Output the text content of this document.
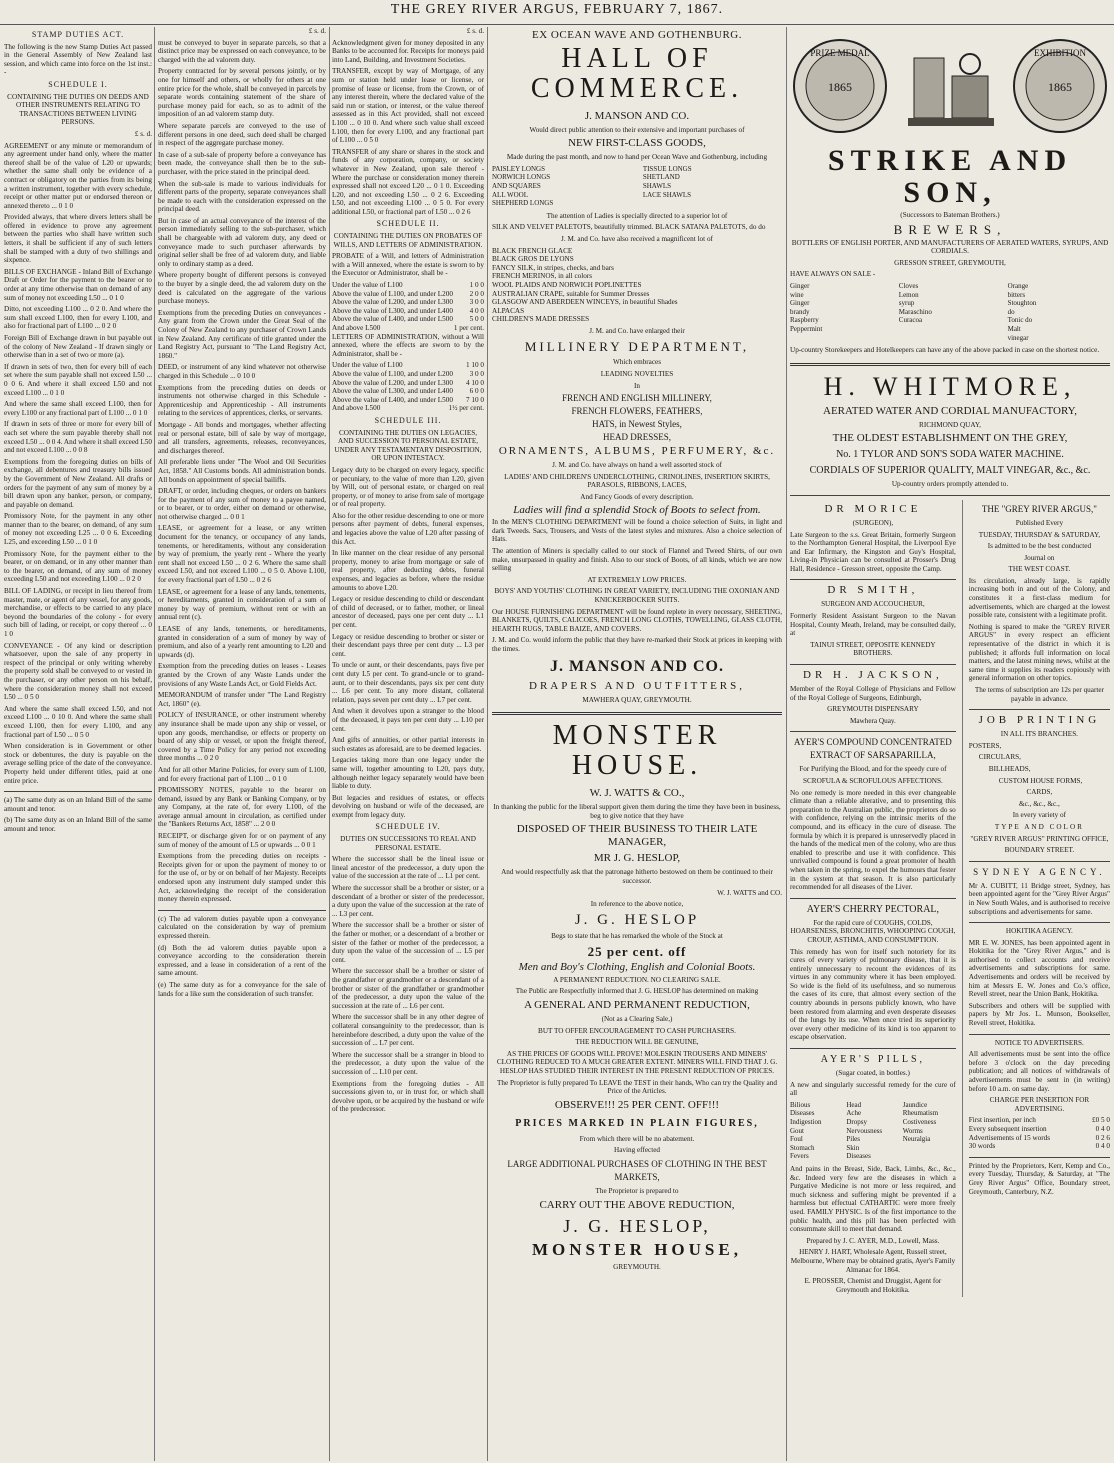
THE GREY RIVER ARGUS, FEBRUARY 7, 1867.
STAMP DUTIES ACT.

The following is the new Stamp Duties Act passed in the General Assembly of New Zealand last session, and which came into force on the 1st inst.: -

SCHEDULE I.

CONTAINING THE DUTIES ON DEEDS AND OTHER INSTRUMENTS RELATING TO TRANSACTIONS BETWEEN LIVING PERSONS.

£ s. d.

AGREEMENT or any minute or memorandum of any agreement under hand only, where the matter thereof shall be of the value of L20 or upwards; whether the same shall only be evidence of a contract or obligatory on the parties from its being a written instrument, together with every schedule, receipt or other matter put or endorsed thereon or annexed thereto ... 0 1 0

Provided always, that where divers letters shall be offered in evidence to prove any agreement between the parties who shall have written such letters, it shall be sufficient if any of such letters shall be stamped with a duty of two shillings and sixpence.

BILLS OF EXCHANGE - Inland Bill of Exchange Draft or Order for the payment to the bearer or to order at any time otherwise than on demand of any sum of money not exceeding L50 ... 0 1 0

Ditto, not exceeding L100 ... 0 2 0. And where the sum shall exceed L100, then for every L100, and also for fractional part of L100 ... 0 2 0

Foreign Bill of Exchange drawn in but payable out of the colony of New Zealand - If drawn singly or otherwise than in a set of two or more (a).

If drawn in sets of two, then for every bill of each set where the sum payable shall not exceed L50 ... 0 0 6. And where it shall exceed L50 and not exceed L100 ... 0 1 0

And where the same shall exceed L100, then for every L100 or any fractional part of L100 ... 0 1 0

If drawn in sets of three or more for every bill of each set where the sum payable thereby shall not exceed L50 ... 0 0 4. And where it shall exceed L50 and not exceed L100 ... 0 0 8

Exemptions from the foregoing duties on bills of exchange, all debentures and treasury bills issued by the Government of New Zealand. All drafts or orders for the payment of any sum of money by a bill drawn upon any banker, person, or company, and payable on demand.

Promissory Note, for the payment in any other manner than to the bearer, on demand, of any sum of money not exceeding L25 ... 0 0 6. Exceeding L25, and exceeding L50 ... 0 1 0

Promissory Note, for the payment either to the bearer, or on demand, or in any other manner than to the bearer, on demand, of any sum of money exceeding L50 and not exceeding L100 ... 0 2 0

BILL OF LADING, or receipt in lieu thereof from master, mate, or agent of any vessel, for any goods, merchandise, or effects to be carried to any place beyond the boundaries of the colony - for every such bill of lading, or receipt, or copy thereof ... 0 1 0

CONVEYANCE - Of any kind or description whatsoever, upon the sale of any property in respect of the principal or only writing whereby the property sold shall be conveyed to or vested in the purchaser, or any other person on his behalf, where the consideration money shall not exceed L50 ... 0 5 0

And where the same shall exceed L50, and not exceed L100 ... 0 10 0. And where the same shall exceed L100, then for every L100, and any fractional part of L50 ... 0 5 0

When consideration is in Government or other stock or debentures, the duty is payable on the average selling price of the date of the conveyance. Property held under different titles, paid at one entire price.

(a) The same duty as on an Inland Bill of the same amount and tenor.

(b) The same duty as on an Inland Bill of the same amount and tenor.

£ s. d.

must be conveyed to buyer in separate parcels, so that a distinct price may be expressed on each conveyance, to be charged with the ad valorem duty.

Property contracted for by several persons jointly, or by one for himself and others, or wholly for others at one entire price for the whole, shall be conveyed in parcels by separate words containing statement of the share of purchase money paid for each, so as to admit of the imposition of an ad valorem stamp duty.

Where separate parcels are conveyed to the use of different persons in one deed, such deed shall be charged in respect of the aggregate purchase money.

In case of a sub-sale of property before a conveyance has been made, the conveyance shall then be to the sub-purchaser, with the price stated in the principal deed.

When the sub-sale is made to various individuals for different parts of the property, separate conveyances shall be made to each with the consideration expressed on the principal deed.

But in case of an actual conveyance of the interest of the person immediately selling to the sub-purchaser, which shall be chargeable with ad valorem duty, any deed or conveyance made to such purchaser afterwards by original seller shall be free of ad valorem duty, and liable only to ordinary stamp as a deed.

Where property bought of different persons is conveyed to the buyer by a single deed, the ad valorem duty on the deed is calculated on the aggregate of the various purchase moneys.

Exemptions from the preceding Duties on conveyances - Any grant from the Crown under the Great Seal of the Colony of New Zealand to any purchaser of Crown Lands in New Zealand. Any certificate of title granted under the Land Registry Act, pursuant to "The Land Registry Act, 1860."

DEED, or instrument of any kind whatever not otherwise charged in this Schedule ... 0 10 0

Exemptions from the preceding duties on deeds or instruments not otherwise charged in this Schedule - Apprenticeship and Apprenticeship - All instruments relating to the services of apprentices, clerks, or servants.

Mortgage - All bonds and mortgages, whether affecting real or personal estate, bill of sale by way of mortgage, and all transfers, agreements, releases, reconveyances, and discharges thereof.

All preferable liens under "The Wool and Oil Securities Act, 1858." All Customs bonds. All administration bonds. All bonds on appointment of special bailiffs.

DRAFT, or order, including cheques, or orders on bankers for the payment of any sum of money to a payee named, or to bearer, or to order, either on demand or otherwise, not otherwise charged ... 0 0 1

LEASE, or agreement for a lease, or any written document for the tenancy, or occupancy of any lands, tenements, or hereditaments, without any consideration by way of premium, the yearly rent - Where the yearly rent shall not exceed L50 ... 0 2 6. Where the same shall exceed L50, and not exceed L100 ... 0 5 0. Above L100, for every fractional part of L50 ... 0 2 6

LEASE, or agreement for a lease of any lands, tenements, or hereditaments, granted in consideration of a sum of money by way of premium, without rent or with an annual rent (c).

LEASE of any lands, tenements, or hereditaments, granted in consideration of a sum of money by way of premium, and also of a yearly rent amounting to L20 and upwards (d).

Exemption from the preceding duties on leases - Leases granted by the Crown of any Waste Lands under the provisions of any Waste Lands Act, or Gold Fields Act.

MEMORANDUM of transfer under "The Land Registry Act, 1860" (e).

POLICY of INSURANCE, or other instrument whereby any insurance shall be made upon any ship or vessel, or upon any goods, merchandise, or effects or property on board of any ship or vessel, or upon the freight thereof, covered by a Time Policy for any period not exceeding three months ... 0 2 0

And for all other Marine Policies, for every sum of L100, and for every fractional part of L100 ... 0 1 0

PROMISSORY NOTES, payable to the bearer on demand, issued by any Bank or Banking Company, or by any Company, at the rate of, for every L100, of the average annual amount in circulation, as certified under the "Bankers Returns Act, 1858" ... 2 0 0

RECEIPT, or discharge given for or on payment of any sum of money of the amount of L5 or upwards ... 0 0 1

Exemptions from the preceding duties on receipts - Receipts given for or upon the payment of money to or for the use of, or by or on behalf of her Majesty. Receipts endorsed upon any instrument duly stamped under this Act, acknowledging the receipt of the consideration money therein expressed.

(c) The ad valorem duties payable upon a conveyance calculated on the consideration by way of premium expressed therein.

(d) Both the ad valorem duties payable upon a conveyance according to the consideration therein expressed, and a lease in consideration of a rent of the same amount.

(e) The same duty as for a conveyance for the sale of lands for a like sum the consideration of such transfer.

£ s. d.

Acknowledgment given for money deposited in any Banks to be accounted for. Receipts for moneys paid into Land, Building, and Investment Societies.

TRANSFER, except by way of Mortgage, of any sum or station held under lease or license, or promise of lease or license, from the Crown, or of any interest therein, where the declared value of the said run or station, or interest, or the value thereof assessed as in this Act provided, shall not exceed L100 ... 0 10 0. And where such value shall exceed L100, then for every L100, and any fractional part of L100 ... 0 5 0

TRANSFER of any share or shares in the stock and funds of any corporation, company, or society whatever in New Zealand, upon sale thereof - Where the purchase or consideration money therein expressed shall not exceed L20 ... 0 1 0. Exceeding L20, and not exceeding L50 ... 0 2 6. Exceeding L50, and not exceeding L100 ... 0 5 0. For every additional L50, or fractional part of L50 ... 0 2 6

SCHEDULE II.

CONTAINING THE DUTIES ON PROBATES OF WILLS, AND LETTERS OF ADMINISTRATION.

PROBATE of a Will, and letters of Administration with a Will annexed, where the estate is sworn to by the Executor or Administrator, shall be -

Under the value of L100	1 0 0
Above the value of L100, and under L200 2 0 0
Above the value of L200, and under L300 3 0 0
Above the value of L300, and under L400 4 0 0
Above the value of L400, and under L500 5 0 0
And above L500	1 per cent.

LETTERS OF ADMINISTRATION, without a Will annexed, where the effects are sworn to by the Administrator, shall be -

Under the value of L100	1 10 0
Above the value of L100, and under L200 3 0 0
Above the value of L200, and under L300 4 10 0
Above the value of L300, and under L400 6 0 0
Above the value of L400, and under L500 7 10 0
And above L500	1½ per cent.
SCHEDULE III.

CONTAINING THE DUTIES ON LEGACIES, AND SUCCESSION TO PERSONAL ESTATE, UNDER ANY TESTAMENTARY DISPOSITION, OR UPON INTESTACY.

Legacy duty to be charged on every legacy, specific or pecuniary, to the value of more than L20, given by Will, out of personal estate, or charged on real property, or of money to arise from sale of mortgage or of real property.

Also for the other residue descending to one or more persons after payment of debts, funeral expenses, and legacies above the value of L20 after passing of this Act.

In like manner on the clear residue of any personal property, money to arise from mortgage or sale of real property, after deducting debts, funeral expenses, and legacies as before, where the residue amounts to above L20.

Legacy or residue descending to child or descendant of child of deceased, or to father, mother, or lineal ancestor of deceased, pays one per cent duty ... L1 per cent.

Legacy or residue descending to brother or sister or their descendant pays three per cent duty ... L3 per cent.

To uncle or aunt, or their descendants, pays five per cent duty L5 per cent. To grand-uncle or to grand-aunt, or to their descendants, pays six per cent duty ... L6 per cent. To any more distant, collateral relation, pays seven per cent duty ... L7 per cent.

And when it devolves upon a stranger to the blood of the deceased, it pays ten per cent duty ... L10 per cent.

And gifts of annuities, or other partial interests in such estates as aforesaid, are to be deemed legacies.

Legacies taking more than one legacy under the same will, together amounting to L20, pays duty, although neither legacy separately would have been liable to duty.

But legacies and residues of estates, or effects devolving on husband or wife of the deceased, are exempt from legacy duty.

SCHEDULE IV.

DUTIES ON SUCCESSIONS TO REAL AND PERSONAL ESTATE.

Where the successor shall be the lineal issue or lineal ancestor of the predecessor, a duty upon the value of the succession at the rate of ... L1 per cent.

Where the successor shall be a brother or sister, or a descendant of a brother or sister of the predecessor, a duty upon the value of the succession at the rate of ... L3 per cent.

Where the successor shall be a brother or sister of the father or mother, or a descendant of a brother or sister of the father or mother of the predecessor, a duty upon the value of the succession of ... L5 per cent.

Where the successor shall be a brother or sister of the grandfather or grandmother or a descendant of a brother or sister of the grandfather or grandmother of the predecessor, a duty upon the value of the succession at the rate of ... L6 per cent.

Where the successor shall be in any other degree of collateral consanguinity to the predecessor, than is hereinbefore described, a duty upon the value of the succession of ... L7 per cent.

Where the successor shall be a stranger in blood to the predecessor, a duty upon the value of the succession of ... L10 per cent.

Exemptions from the foregoing duties - All successions given to, or in trust for, or which shall devolve upon, or be acquired by the husband or wife of the predecessor.

EX OCEAN WAVE AND GOTHENBURG.
HALL OF COMMERCE.
J. MANSON AND CO.

Would direct public attention to their extensive and important purchases of

NEW FIRST-CLASS GOODS,

Made during the past month, and now to hand per Ocean Wave and Gothenburg, including

PAISLEY LONGS
NORWICH LONGS AND SQUARES
ALL WOOL SHEPHERD LONGS
TISSUE LONGS
SHETLAND SHAWLS
LACE SHAWLS

The attention of Ladies is specially directed to a superior lot of

SILK AND VELVET PALETOTS, beautifully trimmed. BLACK SATANA PALETOTS, do do

J. M. and Co. have also received a magnificent lot of

BLACK FRENCH GLACE
BLACK GROS DE LYONS
FANCY SILK, in stripes, checks, and bars
FRENCH MERINOS, in all colors
WOOL PLAIDS AND NORWICH POPLINETTES
AUSTRALIAN CRAPE, suitable for Summer Dresses
GLASGOW AND ABERDEEN WINCEYS, in beautiful Shades
ALPACAS
CHILDREN'S MADE DRESSES

J. M. and Co. have enlarged their

MILLINERY DEPARTMENT,

Which embraces

LEADING NOVELTIES

In

FRENCH AND ENGLISH MILLINERY,
FRENCH FLOWERS, FEATHERS,
HATS, in Newest Styles,
HEAD DRESSES,
ORNAMENTS, ALBUMS, PERFUMERY, &c.

J. M. and Co. have always on hand a well assorted stock of

LADIES' AND CHILDREN'S UNDERCLOTHING, CRINOLINES, INSERTION SKIRTS, PARASOLS, RIBBONS, LACES,

And Fancy Goods of every description.

Ladies will find a splendid Stock of Boots to select from.

In the MEN'S CLOTHING DEPARTMENT will be found a choice selection of Suits, in light and dark Tweeds. Sacs, Trousers, and Vests of the latest styles and mixtures. Also a choice selection of Hats.

The attention of Miners is specially called to our stock of Flannel and Tweed Shirts, of our own make, unsurpassed in quality and finish. Also to our stock of Boots, of all kinds, which we are now selling

AT EXTREMELY LOW PRICES.

BOYS' AND YOUTHS' CLOTHING IN GREAT VARIETY, INCLUDING THE OXONIAN AND KNICKERBOCKER SUITS.

Our HOUSE FURNISHING DEPARTMENT will be found replete in every necessary, SHEETING, BLANKETS, QUILTS, CALICOES, FRENCH LONG CLOTHS, TOWELLING, GLASS CLOTH, HEARTH RUGS, TABLE BAIZE, AND COVERS.

J. M. and Co. would inform the public that they have re-marked their Stock at prices in keeping with the times.

J. MANSON AND CO.
DRAPERS AND OUTFITTERS,

MAWHERA QUAY, GREYMOUTH.

MONSTER HOUSE.
W. J. WATTS & CO.,

In thanking the public for the liberal support given them during the time they have been in business, beg to give notice that they have

DISPOSED OF THEIR BUSINESS TO THEIR LATE MANAGER,
MR J. G. HESLOP,

And would respectfully ask that the patronage hitherto bestowed on them be continued to their successor.

W. J. WATTS and CO.

In reference to the above notice,

J. G. HESLOP

Begs to state that he has remarked the whole of the Stock at

25 per cent. off
Men and Boy's Clothing, English and Colonial Boots.

A PERMANENT REDUCTION. NO CLEARING SALE.

The Public are Respectfully informed that J. G. HESLOP has determined on making

A GENERAL AND PERMANENT REDUCTION,

(Not as a Clearing Sale,)

BUT TO OFFER ENCOURAGEMENT TO CASH PURCHASERS.

THE REDUCTION WILL BE GENUINE,

AS THE PRICES OF GOODS WILL PROVE! MOLESKIN TROUSERS AND MINERS' CLOTHING REDUCED TO A MUCH GREATER EXTENT. MINERS WILL FIND THAT J. G. HESLOP HAS STUDIED THEIR INTEREST IN THE PRESENT REDUCTION OF PRICES.

The Proprietor is fully prepared To LEAVE the TEST in their hands, Who can try the Quality and Price of the Articles.

OBSERVE!!! 25 PER CENT. OFF!!!
PRICES MARKED IN PLAIN FIGURES,

From which there will be no abatement.

Having effected

LARGE ADDITIONAL PURCHASES OF CLOTHING IN THE BEST MARKETS,

The Proprietor is prepared to

CARRY OUT THE ABOVE REDUCTION,
J. G. HESLOP,
MONSTER HOUSE,

GREYMOUTH.

PRIZE MEDAL
1865
EXHIBITION
1865
STRIKE AND SON,

(Successors to Bateman Brothers.)

BREWERS,

BOTTLERS OF ENGLISH PORTER, AND MANUFACTURERS OF AERATED WATERS, SYRUPS, AND CORDIALS.

GRESSON STREET, GREYMOUTH,

HAVE ALWAYS ON SALE -

Ginger wine
Ginger brandy
Raspberry
Peppermint
Cloves
Lemon syrup
Maraschino
Curacoa
Orange bitters
Stoughton do
Tonic do
Malt vinegar

Up-country Storekeepers and Hotelkeepers can have any of the above packed in case on the shortest notice.

H. WHITMORE,
AERATED WATER AND CORDIAL MANUFACTORY,

RICHMOND QUAY,

THE OLDEST ESTABLISHMENT ON THE GREY,
No. 1 TYLOR AND SON'S SODA WATER MACHINE.
CORDIALS OF SUPERIOR QUALITY, MALT VINEGAR, &c., &c.

Up-country orders promptly attended to.

DR MORICE

(SURGEON),

Late Surgeon to the s.s. Great Britain, formerly Surgeon to the Northampton General Hospital, the Liverpool Eye and Ear Infirmary, the Kingston and Guy's Hospital, Living-in Physician can be consulted at Prosser's Drug Hall, Residence - Gresson street, opposite the Camp.

DR SMITH,

SURGEON AND ACCOUCHEUR,

Formerly Resident Assistant Surgeon to the Navan Hospital, County Meath, Ireland, may be consulted daily, at

TAINUI STREET, OPPOSITE KENNEDY BROTHERS.

DR H. JACKSON,

Member of the Royal College of Physicians and Fellow of the Royal College of Surgeons, Edinburgh,

GREYMOUTH DISPENSARY

Mawhera Quay.

AYER'S COMPOUND CONCENTRATED EXTRACT OF SARSAPARILLA,

For Purifying the Blood, and for the speedy cure of

SCROFULA & SCROFULOUS AFFECTIONS.

No one remedy is more needed in this ever changeable climate than a reliable alterative, and to presenting this preparation to the Australian public, the proprietors do so with confidence, relying on the intrinsic merits of the compound, and its efficacy in the cure of disease. The formula by which it is prepared is unreservedly placed in the hands of the medical men of the colony, who are thus enabled to prescribe and use it with confidence. This unrivalled compound is found a great promoter of health when taken in the spring, to expel the humours that fester in the system at that season. It is also particularly recommended for all diseases of the Liver.

AYER'S CHERRY PECTORAL,

For the rapid cure of COUGHS, COLDS, HOARSENESS, BRONCHITIS, WHOOPING COUGH, CROUP, ASTHMA, AND CONSUMPTION.

This remedy has won for itself such notoriety for its cures of every variety of pulmonary disease, that it is entirely unnecessary to recount the evidences of its virtues in any community where it has been employed. So wide is the field of its usefulness, and so numerous the cases of its cure, that almost every section of the country abounds in persons publicly known, who have been restored from alarming and even desperate diseases of the lungs by its use. When once tried its superiority over every other medicine of its kind is too apparent to escape observation.

AYER'S PILLS,

(Sugar coated, in bottles.)

A new and singularly successful remedy for the cure of all

Bilious Diseases
Indigestion
Gout
Foul Stomach
Fevers
Head Ache
Dropsy
Nervousness
Piles
Skin Diseases
Jaundice
Rheumatism
Costiveness
Worms
Neuralgia

And pains in the Breast, Side, Back, Limbs, &c., &c., &c. Indeed very few are the diseases in which a Purgative Medicine is not more or less required, and much sickness and suffering might be prevented if a harmless but effectual CATHARTIC were more freely used. FAMILY PHYSIC. Is of the first importance to the public health, and this pill has been perfected with consummate skill to meet that demand.

Prepared by J. C. AYER, M.D., Lowell, Mass.

HENRY J. HART, Wholesale Agent, Russell street, Melbourne, Where may be obtained gratis, Ayer's Family Almanac for 1864.

E. PROSSER, Chemist and Druggist, Agent for Greymouth and Hokitika.

THE "GREY RIVER ARGUS,"

Published Every

TUESDAY, THURSDAY & SATURDAY,

Is admitted to be the best conducted

Journal on

THE WEST COAST.

Its circulation, already large, is rapidly increasing both in and out of the Colony, and constitutes it a first-class medium for advertisements, which are charged at the lowest possible rate, consistent with a legitimate profit.

Nothing is spared to make the "GREY RIVER ARGUS" in every respect an efficient representative of the district in which it is published; it affords full information on local matters, and the latest mining news, whilst at the same time it supplies its readers copiously with general information on other topics.

The terms of subscription are 12s per quarter payable in advance.

JOB PRINTING

IN ALL ITS BRANCHES.

POSTERS,

CIRCULARS,

BILLHEADS,

CUSTOM HOUSE FORMS,

CARDS,

&c., &c., &c.,

In every variety of

TYPE AND COLOR

"GREY RIVER ARGUS" PRINTING OFFICE,

BOUNDARY STREET.

SYDNEY AGENCY.

Mr A. CUBITT, 11 Bridge street, Sydney, has been appointed agent for the "Grey River Argus" in New South Wales, and is authorised to receive subscriptions and advertisements for same.

HOKITIKA AGENCY.

MR E. W. JONES, has been appointed agent in Hokitika for the "Grey River Argus," and is authorised to collect accounts and receive advertisements and subscriptions for same. Advertisements and orders will be received by him at Messrs E. W. Jones and Co.'s office, Revell street, near the Union Bank, Hokitika.

Subscribers and others will be supplied with papers by Mr Jos. L. Munson, Bookseller, Revell street, Hokitika.

NOTICE TO ADVERTISERS.

All advertisements must be sent into the office before 3 o'clock on the day preceding publication; and all notices of withdrawals of advertisements must be sent in (in writing) before 10 a.m. on same day.

CHARGE PER INSERTION FOR ADVERTISING.

First insertion, per inch	£0 5 0
Every subsequent insertion	0 4 0
Advertisements of 15 words	0 2 6
30 words	0 4 0

Printed by the Proprietors, Kerr, Kemp and Co., every Tuesday, Thursday, & Saturday, at "The Grey River Argus" Office, Boundary street, Greymouth, Canterbury, N.Z.
